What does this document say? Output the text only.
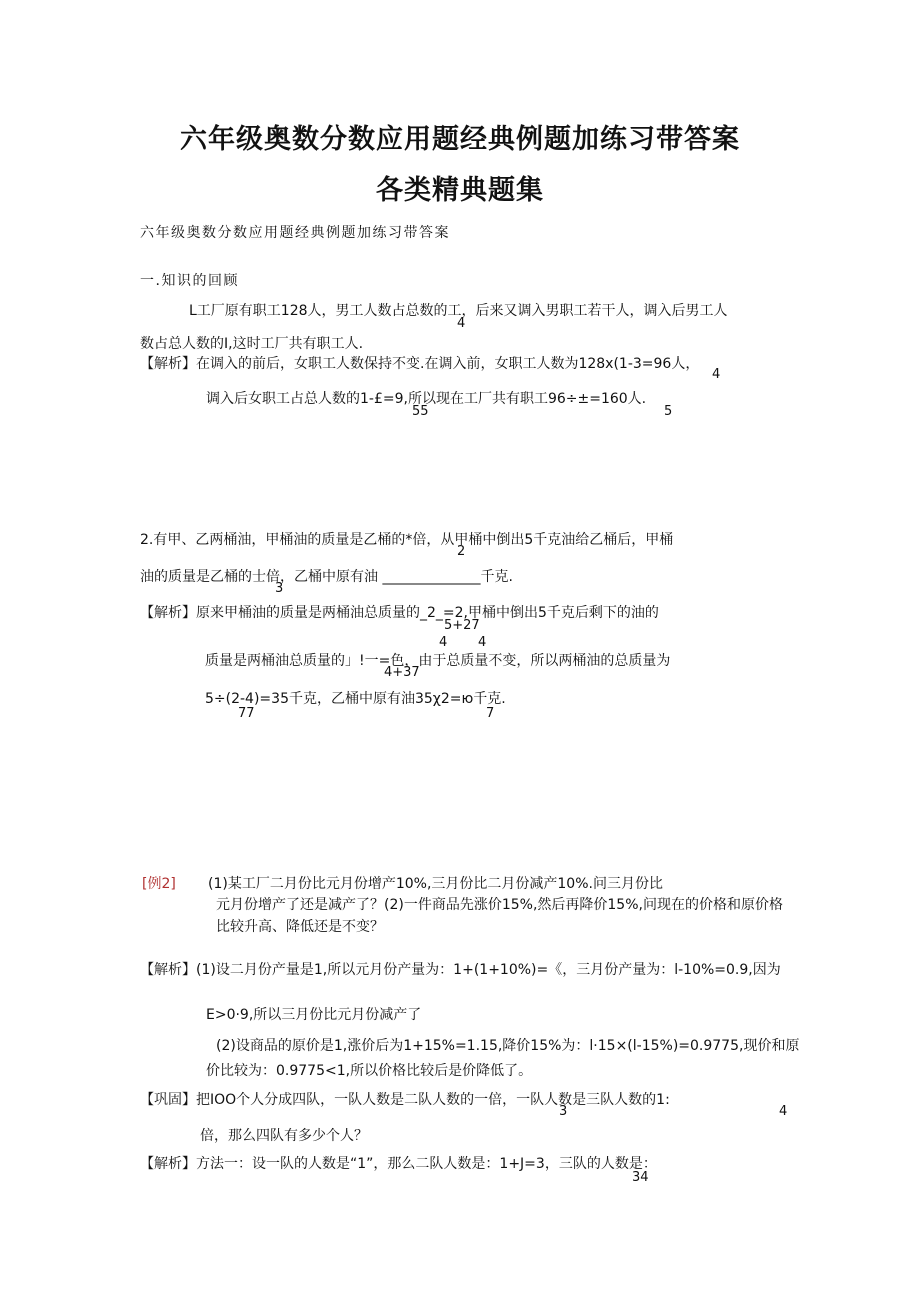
六年级奥数分数应用题经典例题加练习带答案
各类精典题集
六年级奥数分数应用题经典例题加练习带答案
一.知识的回顾
L工厂原有职工128人，男工人数占总数的工，后来又调入男职工若干人，调入后男工人
4
数占总人数的I,这时工厂共有职工人.
【解析】在调入的前后，女职工人数保持不变.在调入前，女职工人数为128x(1-3=96人，
4
调入后女职工占总人数的1-£=9,所以现在工厂共有职工96÷±=160人.
55	5
2.有甲、乙两桶油，甲桶油的质量是乙桶的*倍，从甲桶中倒出5千克油给乙桶后，甲桶
2
油的质量是乙桶的士倍，乙桶中原有油 ______________千克.
3
【解析】原来甲桶油的质量是两桶油总质量的_2_=2,甲桶中倒出5千克后剩下的油的
5+27
4 4
质量是两桶油总质量的」!一=色，由于总质量不变，所以两桶油的总质量为
4+37
5÷(2-4)=35千克，乙桶中原有油35χ2=ю千克.
77	7
[例2] (1)某工厂二月份比元月份增产10%,三月份比二月份减产10%.问三月份比
元月份增产了还是减产了？(2)一件商品先涨价15%,然后再降价15%,问现在的价格和原价格
比较升高、降低还是不变？
【解析】(1)设二月份产量是1,所以元月份产量为：1+(1+10%)=《，三月份产量为：l-10%=0.9,因为
E>0·9,所以三月份比元月份减产了
(2)设商品的原价是1,涨价后为1+15%=1.15,降价15%为：l·15×(l-15%)=0.9775,现价和原
价比较为：0.9775<1,所以价格比较后是价降低了。
【巩固】把IOO个人分成四队，一队人数是二队人数的一倍，一队人数是三队人数的1:
3	4
倍，那么四队有多少个人？
【解析】方法一：设一队的人数是“1”，那么二队人数是：1+J=3，三队的人数是：
34
